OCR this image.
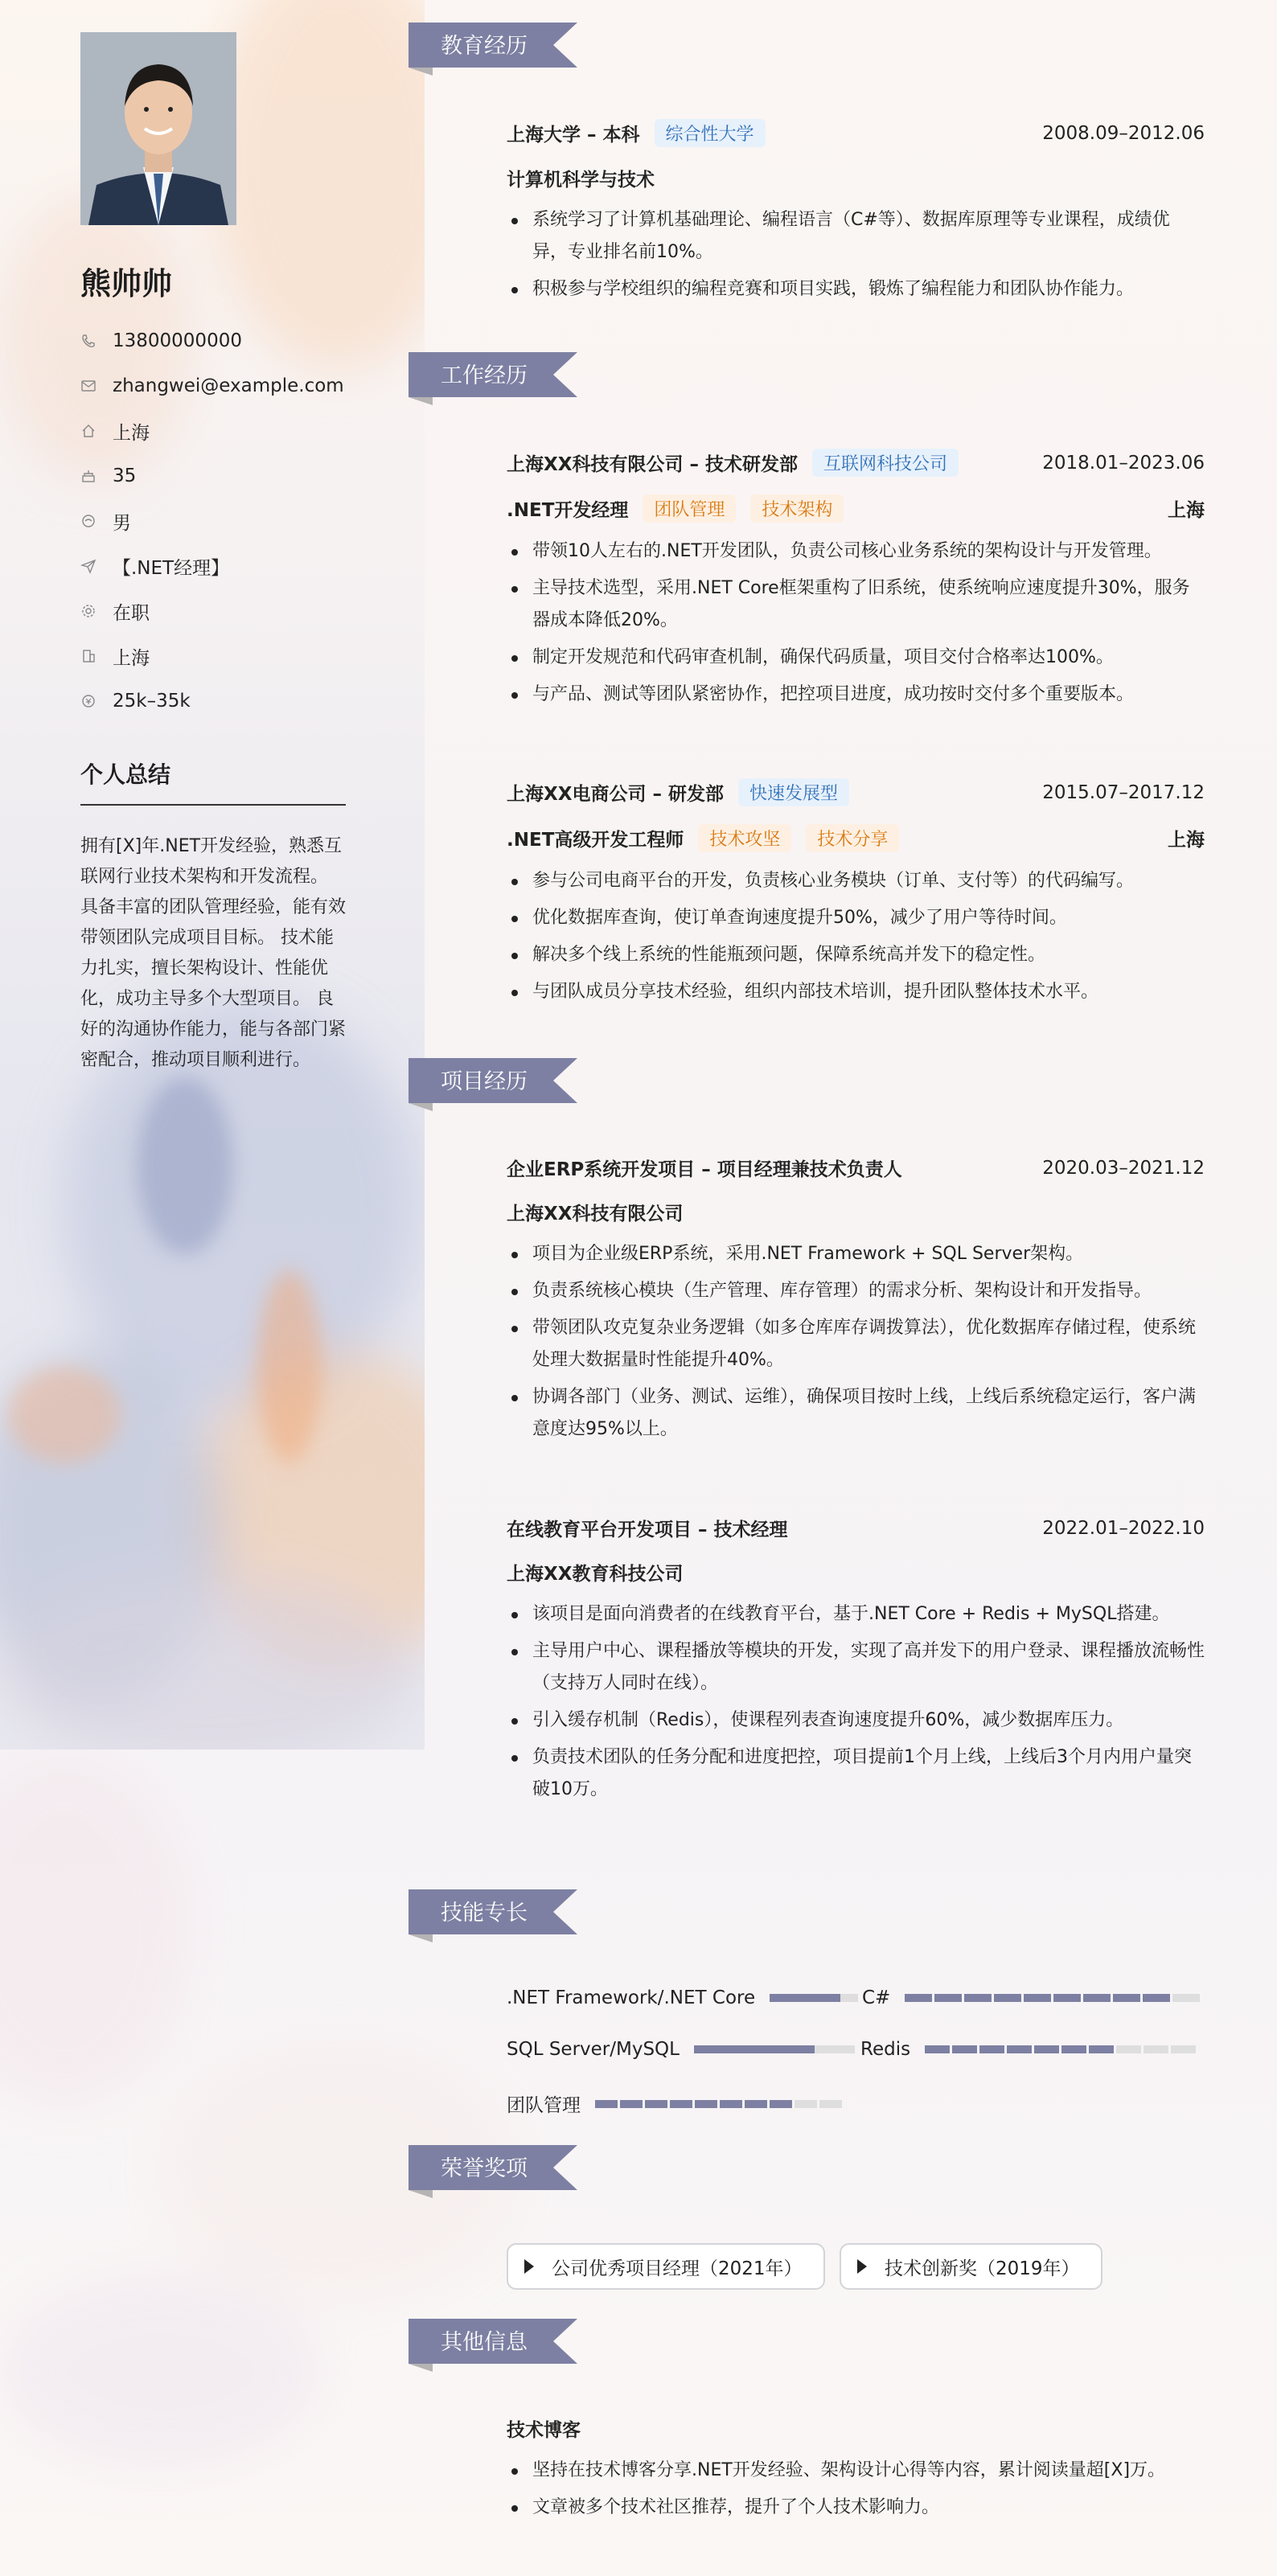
熊帅帅
13800000000
zhangwei@example.com
上海
35
男
【.NET经理】
在职
上海
25k–35k
个人总结
拥有[X]年.NET开发经验，熟悉互联网行业技术架构和开发流程。 具备丰富的团队管理经验，能有效带领团队完成项目目标。 技术能力扎实，擅长架构设计、性能优化，成功主导多个大型项目。 良好的沟通协作能力，能与各部门紧密配合，推动项目顺利进行。
教育经历
上海大学 – 本科	综合性大学	2008.09–2012.06
计算机科学与技术
系统学习了计算机基础理论、编程语言（C#等）、数据库原理等专业课程，成绩优异，专业排名前10%。
积极参与学校组织的编程竞赛和项目实践，锻炼了编程能力和团队协作能力。
工作经历
上海XX科技有限公司 – 技术研发部	互联网科技公司	2018.01–2023.06
.NET开发经理	团队管理	技术架构	上海
带领10人左右的.NET开发团队，负责公司核心业务系统的架构设计与开发管理。
主导技术选型，采用.NET Core框架重构了旧系统，使系统响应速度提升30%，服务器成本降低20%。
制定开发规范和代码审查机制，确保代码质量，项目交付合格率达100%。
与产品、测试等团队紧密协作，把控项目进度，成功按时交付多个重要版本。
上海XX电商公司 – 研发部	快速发展型	2015.07–2017.12
.NET高级开发工程师	技术攻坚	技术分享	上海
参与公司电商平台的开发，负责核心业务模块（订单、支付等）的代码编写。
优化数据库查询，使订单查询速度提升50%，减少了用户等待时间。
解决多个线上系统的性能瓶颈问题，保障系统高并发下的稳定性。
与团队成员分享技术经验，组织内部技术培训，提升团队整体技术水平。
项目经历
企业ERP系统开发项目 – 项目经理兼技术负责人	2020.03–2021.12
上海XX科技有限公司
项目为企业级ERP系统，采用.NET Framework + SQL Server架构。
负责系统核心模块（生产管理、库存管理）的需求分析、架构设计和开发指导。
带领团队攻克复杂业务逻辑（如多仓库库存调拨算法），优化数据库存储过程，使系统处理大数据量时性能提升40%。
协调各部门（业务、测试、运维），确保项目按时上线，上线后系统稳定运行，客户满意度达95%以上。
在线教育平台开发项目 – 技术经理	2022.01–2022.10
上海XX教育科技公司
该项目是面向消费者的在线教育平台，基于.NET Core + Redis + MySQL搭建。
主导用户中心、课程播放等模块的开发，实现了高并发下的用户登录、课程播放流畅性（支持万人同时在线）。
引入缓存机制（Redis），使课程列表查询速度提升60%，减少数据库压力。
负责技术团队的任务分配和进度把控，项目提前1个月上线，上线后3个月内用户量突破10万。
技能专长
.NET Framework/.NET Core	C#
SQL Server/MySQL	Redis
团队管理
荣誉奖项
公司优秀项目经理（2021年）	技术创新奖（2019年）
其他信息
技术博客
坚持在技术博客分享.NET开发经验、架构设计心得等内容，累计阅读量超[X]万。
文章被多个技术社区推荐，提升了个人技术影响力。
